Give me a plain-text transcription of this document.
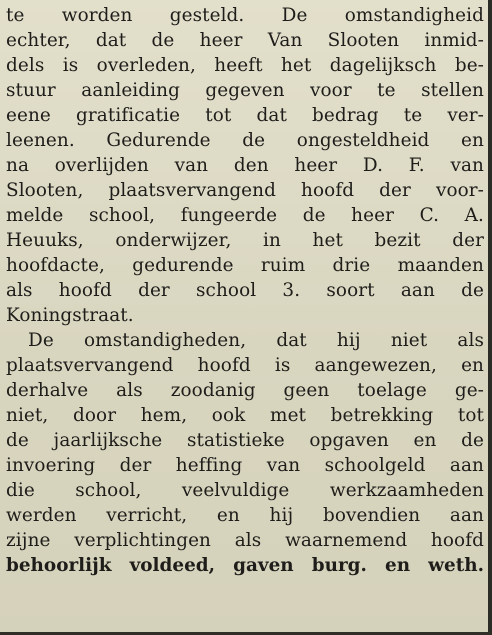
te worden gesteld. De omstandigheid
echter, dat de heer Van Slooten inmid-
dels is overleden, heeft het dagelijksch be-
stuur aanleiding gegeven voor te stellen
eene gratificatie tot dat bedrag te ver-
leenen. Gedurende de ongesteldheid en
na overlijden van den heer D. F. van
Slooten, plaatsvervangend hoofd der voor-
melde school, fungeerde de heer C. A.
Heuuks, onderwijzer, in het bezit der
hoofdacte, gedurende ruim drie maanden
als hoofd der school 3. soort aan de
Koningstraat.
De omstandigheden, dat hij niet als
plaatsvervangend hoofd is aangewezen, en
derhalve als zoodanig geen toelage ge-
niet, door hem, ook met betrekking tot
de jaarlijksche statistieke opgaven en de
invoering der heffing van schoolgeld aan
die school, veelvuldige werkzaamheden
werden verricht, en hij bovendien aan
zijne verplichtingen als waarnemend hoofd
behoorlijk voldeed, gaven burg. en weth.
